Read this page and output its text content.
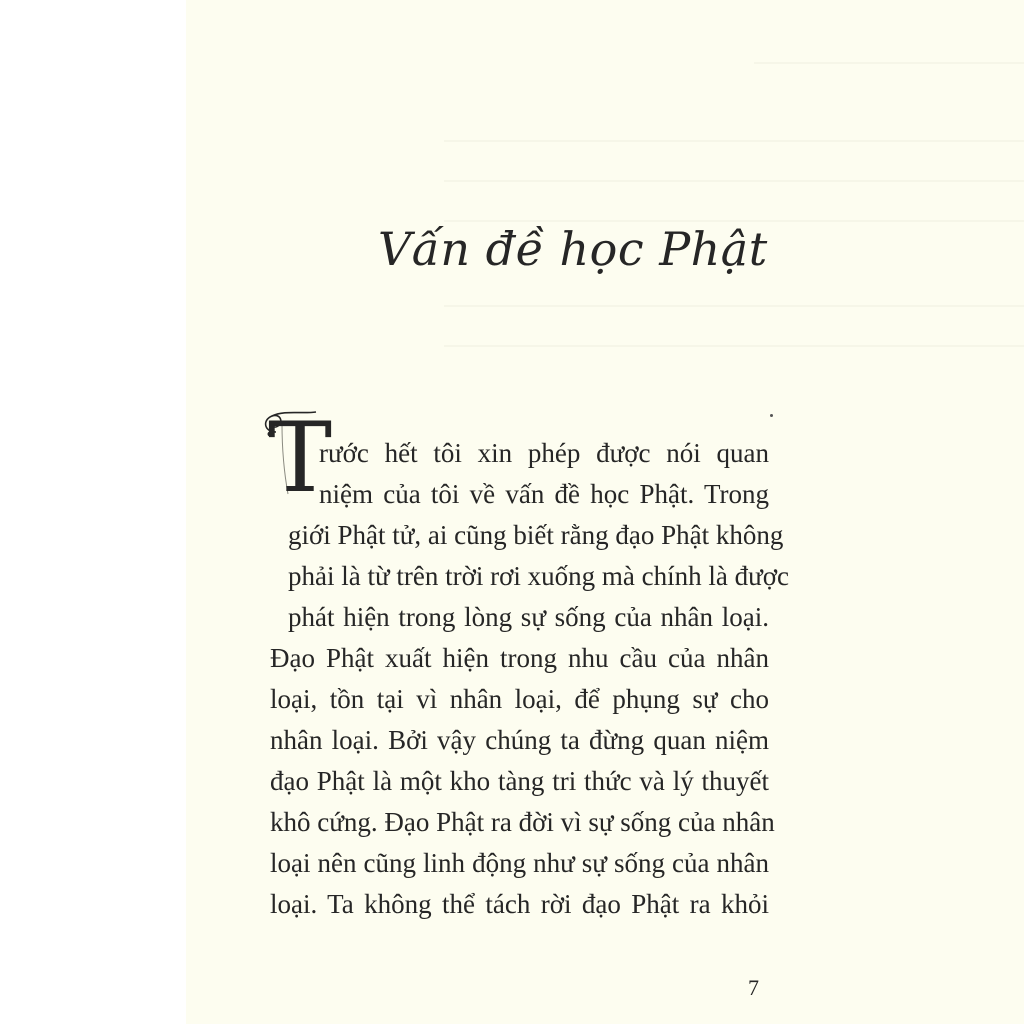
Vấn đề học Phật
T
rước hết tôi xin phép được nói quan
niệm của tôi về vấn đề học Phật. Trong
giới Phật tử, ai cũng biết rằng đạo Phật không
phải là từ trên trời rơi xuống mà chính là được
phát hiện trong lòng sự sống của nhân loại.
Đạo Phật xuất hiện trong nhu cầu của nhân
loại, tồn tại vì nhân loại, để phụng sự cho
nhân loại. Bởi vậy chúng ta đừng quan niệm
đạo Phật là một kho tàng tri thức và lý thuyết
khô cứng. Đạo Phật ra đời vì sự sống của nhân
loại nên cũng linh động như sự sống của nhân
loại. Ta không thể tách rời đạo Phật ra khỏi
7
